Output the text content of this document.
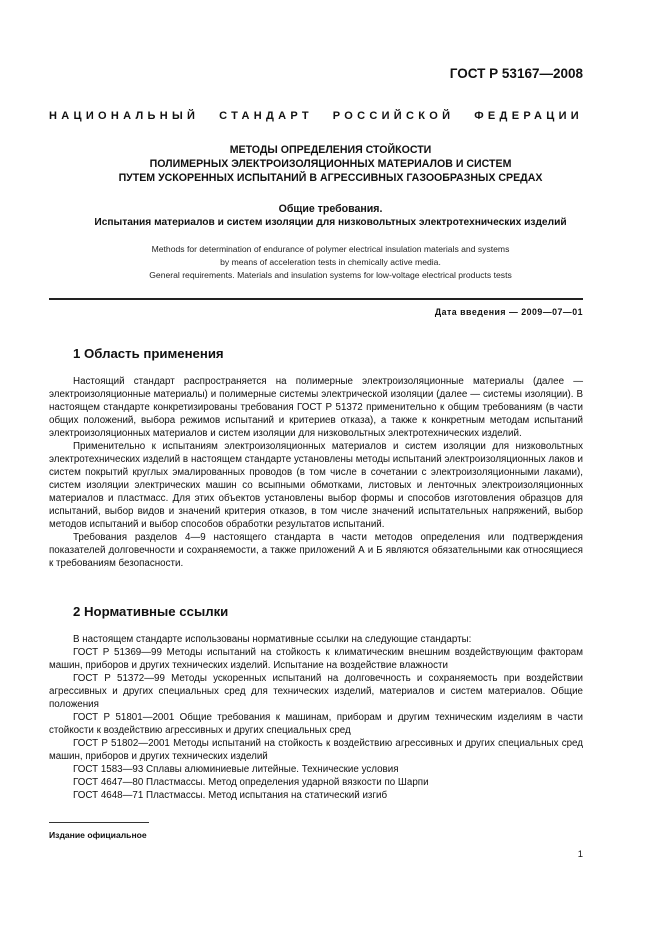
ГОСТ Р 53167—2008
НАЦИОНАЛЬНЫЙ СТАНДАРТ РОССИЙСКОЙ ФЕДЕРАЦИИ
МЕТОДЫ ОПРЕДЕЛЕНИЯ СТОЙКОСТИ
ПОЛИМЕРНЫХ ЭЛЕКТРОИЗОЛЯЦИОННЫХ МАТЕРИАЛОВ И СИСТЕМ
ПУТЕМ УСКОРЕННЫХ ИСПЫТАНИЙ В АГРЕССИВНЫХ ГАЗООБРАЗНЫХ СРЕДАХ
Общие требования.
Испытания материалов и систем изоляции для низковольтных электротехнических изделий
Methods for determination of endurance of polymer electrical insulation materials and systems
by means of acceleration tests in chemically active media.
General requirements. Materials and insulation systems for low-voltage electrical products tests
Дата введения — 2009—07—01
1 Область применения

Настоящий стандарт распространяется на полимерные электроизоляционные материалы (далее — электроизоляционные материалы) и полимерные системы электрической изоляции (далее — системы изоляции). В настоящем стандарте конкретизированы требования ГОСТ Р 51372 применительно к общим требованиям (в части общих положений, выбора режимов испытаний и критериев отказа), а также к конкретным методам испытаний электроизоляционных материалов и систем изоляции для низковольтных электротехнических изделий.

Применительно к испытаниям электроизоляционных материалов и систем изоляции для низковольтных электротехнических изделий в настоящем стандарте установлены методы испытаний электроизоляционных лаков и систем покрытий круглых эмалированных проводов (в том числе в сочетании с электроизоляционными лаками), систем изоляции электрических машин со всыпными обмотками, листовых и ленточных электроизоляционных материалов и пластмасс. Для этих объектов установлены выбор формы и способов изготовления образцов для испытаний, выбор видов и значений критерия отказов, в том числе значений испытательных напряжений, выбор методов испытаний и выбор способов обработки результатов испытаний.

Требования разделов 4—9 настоящего стандарта в части методов определения или подтверждения показателей долговечности и сохраняемости, а также приложений А и Б являются обязательными как относящиеся к требованиям безопасности.

2 Нормативные ссылки

В настоящем стандарте использованы нормативные ссылки на следующие стандарты:

ГОСТ Р 51369—99 Методы испытаний на стойкость к климатическим внешним воздействующим факторам машин, приборов и других технических изделий. Испытание на воздействие влажности

ГОСТ Р 51372—99 Методы ускоренных испытаний на долговечность и сохраняемость при воздействии агрессивных и других специальных сред для технических изделий, материалов и систем материалов. Общие положения

ГОСТ Р 51801—2001 Общие требования к машинам, приборам и другим техническим изделиям в части стойкости к воздействию агрессивных и других специальных сред

ГОСТ Р 51802—2001 Методы испытаний на стойкость к воздействию агрессивных и других специальных сред машин, приборов и других технических изделий

ГОСТ 1583—93 Сплавы алюминиевые литейные. Технические условия

ГОСТ 4647—80 Пластмассы. Метод определения ударной вязкости по Шарпи

ГОСТ 4648—71 Пластмассы. Метод испытания на статический изгиб

Издание официальное
1
